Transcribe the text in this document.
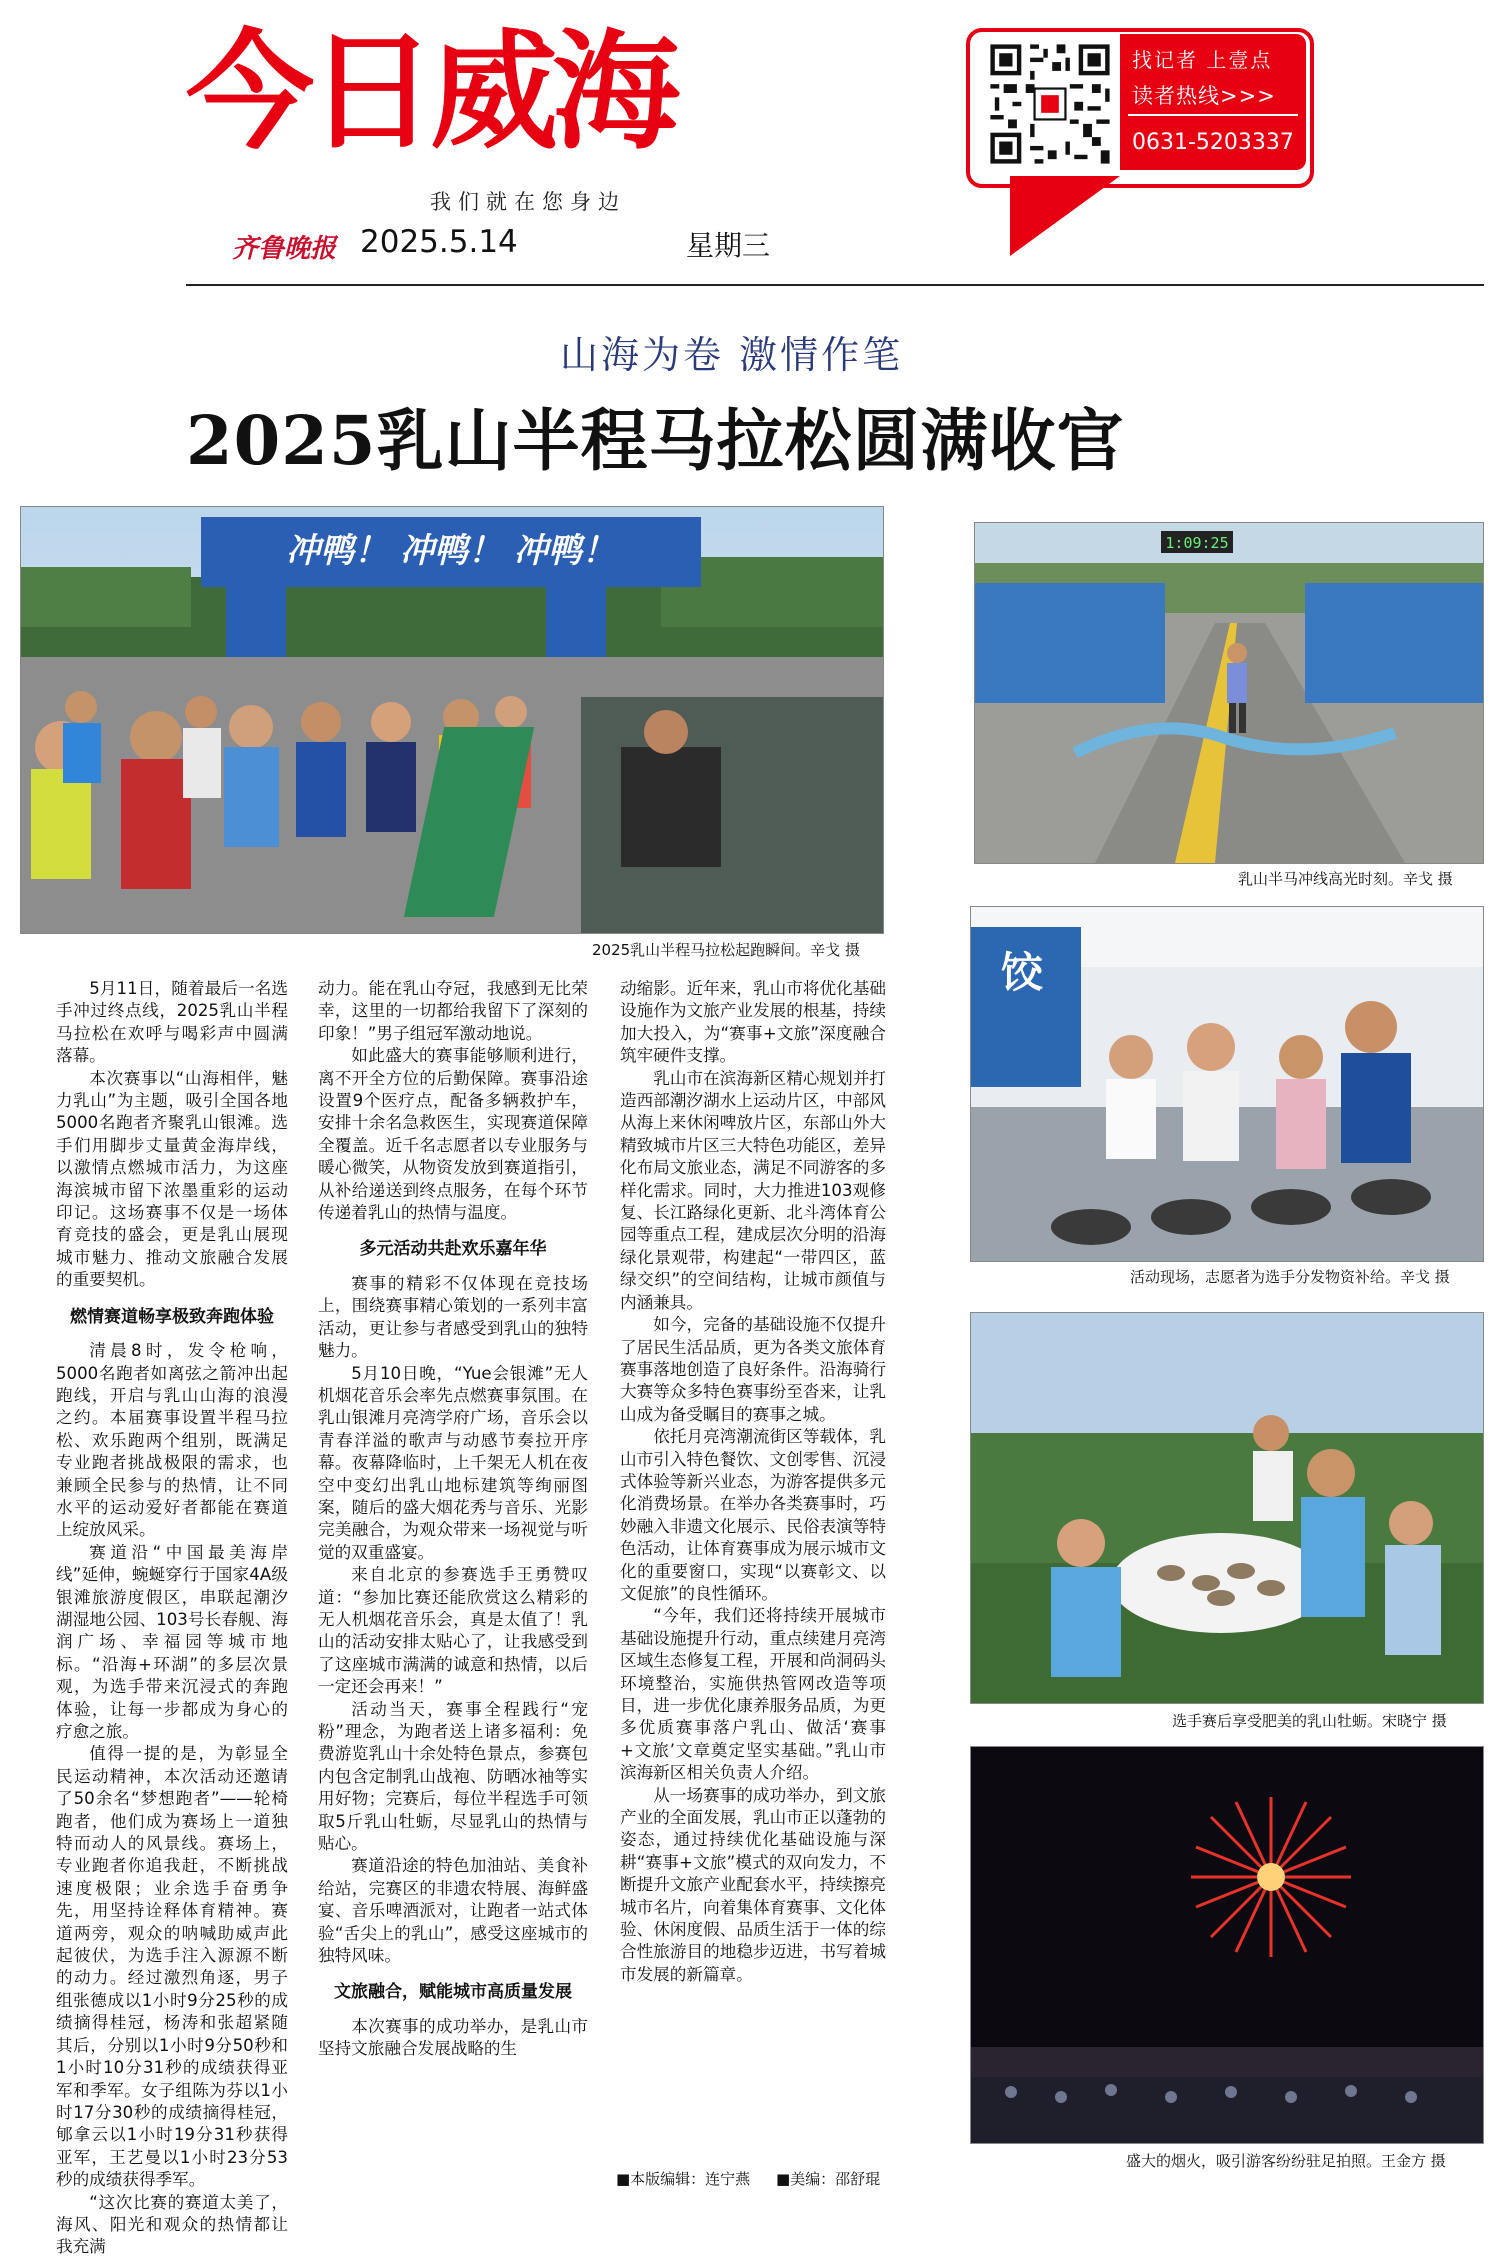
今日威海
我们就在您身边
齐鲁晚报 2025.5.14	星期三
找记者 上壹点
读者热线>>>
0631-5203337
山海为卷 激情作笔
2025乳山半程马拉松圆满收官
冲鸭！ 冲鸭！ 冲鸭！
2025乳山半程马拉松起跑瞬间。辛戈 摄
1:09:25
乳山半马冲线高光时刻。辛戈 摄
饺
活动现场，志愿者为选手分发物资补给。辛戈 摄
选手赛后享受肥美的乳山牡蛎。宋晓宁 摄
盛大的烟火，吸引游客纷纷驻足拍照。王金方 摄

5月11日，随着最后一名选手冲过终点线，2025乳山半程马拉松在欢呼与喝彩声中圆满落幕。

本次赛事以“山海相伴，魅力乳山”为主题，吸引全国各地5000名跑者齐聚乳山银滩。选手们用脚步丈量黄金海岸线，以激情点燃城市活力，为这座海滨城市留下浓墨重彩的运动印记。这场赛事不仅是一场体育竞技的盛会，更是乳山展现城市魅力、推动文旅融合发展的重要契机。

燃情赛道畅享极致奔跑体验

清晨8时，发令枪响，5000名跑者如离弦之箭冲出起跑线，开启与乳山山海的浪漫之约。本届赛事设置半程马拉松、欢乐跑两个组别，既满足专业跑者挑战极限的需求，也兼顾全民参与的热情，让不同水平的运动爱好者都能在赛道上绽放风采。

赛道沿“中国最美海岸线”延伸，蜿蜒穿行于国家4A级银滩旅游度假区，串联起潮汐湖湿地公园、103号长春舰、海润广场、幸福园等城市地标。“沿海+环湖”的多层次景观，为选手带来沉浸式的奔跑体验，让每一步都成为身心的疗愈之旅。

值得一提的是，为彰显全民运动精神，本次活动还邀请了50余名“梦想跑者”——轮椅跑者，他们成为赛场上一道独特而动人的风景线。赛场上，专业跑者你追我赶，不断挑战速度极限；业余选手奋勇争先，用坚持诠释体育精神。赛道两旁，观众的呐喊助威声此起彼伏，为选手注入源源不断的动力。经过激烈角逐，男子组张德成以1小时9分25秒的成绩摘得桂冠，杨涛和张超紧随其后，分别以1小时9分50秒和1小时10分31秒的成绩获得亚军和季军。女子组陈为芬以1小时17分30秒的成绩摘得桂冠，郇拿云以1小时19分31秒获得亚军，王艺曼以1小时23分53秒的成绩获得季军。

“这次比赛的赛道太美了，海风、阳光和观众的热情都让我充满

动力。能在乳山夺冠，我感到无比荣幸，这里的一切都给我留下了深刻的印象！”男子组冠军激动地说。

如此盛大的赛事能够顺利进行，离不开全方位的后勤保障。赛事沿途设置9个医疗点，配备多辆救护车，安排十余名急救医生，实现赛道保障全覆盖。近千名志愿者以专业服务与暖心微笑，从物资发放到赛道指引，从补给递送到终点服务，在每个环节传递着乳山的热情与温度。

多元活动共赴欢乐嘉年华

赛事的精彩不仅体现在竞技场上，围绕赛事精心策划的一系列丰富活动，更让参与者感受到乳山的独特魅力。

5月10日晚，“Yue会银滩”无人机烟花音乐会率先点燃赛事氛围。在乳山银滩月亮湾学府广场，音乐会以青春洋溢的歌声与动感节奏拉开序幕。夜幕降临时，上千架无人机在夜空中变幻出乳山地标建筑等绚丽图案，随后的盛大烟花秀与音乐、光影完美融合，为观众带来一场视觉与听觉的双重盛宴。

来自北京的参赛选手王勇赞叹道：“参加比赛还能欣赏这么精彩的无人机烟花音乐会，真是太值了！乳山的活动安排太贴心了，让我感受到了这座城市满满的诚意和热情，以后一定还会再来！”

活动当天，赛事全程践行“宠粉”理念，为跑者送上诸多福利：免费游览乳山十余处特色景点，参赛包内包含定制乳山战袍、防晒冰袖等实用好物；完赛后，每位半程选手可领取5斤乳山牡蛎，尽显乳山的热情与贴心。

赛道沿途的特色加油站、美食补给站，完赛区的非遗农特展、海鲜盛宴、音乐啤酒派对，让跑者一站式体验“舌尖上的乳山”，感受这座城市的独特风味。

文旅融合，赋能城市高质量发展

本次赛事的成功举办，是乳山市坚持文旅融合发展战略的生

动缩影。近年来，乳山市将优化基础设施作为文旅产业发展的根基，持续加大投入，为“赛事+文旅”深度融合筑牢硬件支撑。

乳山市在滨海新区精心规划并打造西部潮汐湖水上运动片区，中部风从海上来休闲啤放片区，东部山外大精致城市片区三大特色功能区，差异化布局文旅业态，满足不同游客的多样化需求。同时，大力推进103观修复、长江路绿化更新、北斗湾体育公园等重点工程，建成层次分明的沿海绿化景观带，构建起“一带四区，蓝绿交织”的空间结构，让城市颜值与内涵兼具。

如今，完备的基础设施不仅提升了居民生活品质，更为各类文旅体育赛事落地创造了良好条件。沿海骑行大赛等众多特色赛事纷至沓来，让乳山成为备受瞩目的赛事之城。

依托月亮湾潮流街区等载体，乳山市引入特色餐饮、文创零售、沉浸式体验等新兴业态，为游客提供多元化消费场景。在举办各类赛事时，巧妙融入非遗文化展示、民俗表演等特色活动，让体育赛事成为展示城市文化的重要窗口，实现“以赛彰文、以文促旅”的良性循环。

“今年，我们还将持续开展城市基础设施提升行动，重点续建月亮湾区域生态修复工程，开展和尚洞码头环境整治，实施供热管网改造等项目，进一步优化康养服务品质，为更多优质赛事落户乳山、做活‘赛事+文旅’文章奠定坚实基础。”乳山市滨海新区相关负责人介绍。

从一场赛事的成功举办，到文旅产业的全面发展，乳山市正以蓬勃的姿态，通过持续优化基础设施与深耕“赛事+文旅”模式的双向发力，不断提升文旅产业配套水平，持续擦亮城市名片，向着集体育赛事、文化体验、休闲度假、品质生活于一体的综合性旅游目的地稳步迈进，书写着城市发展的新篇章。

■本版编辑：连宁燕 ■美编：邵舒琨
